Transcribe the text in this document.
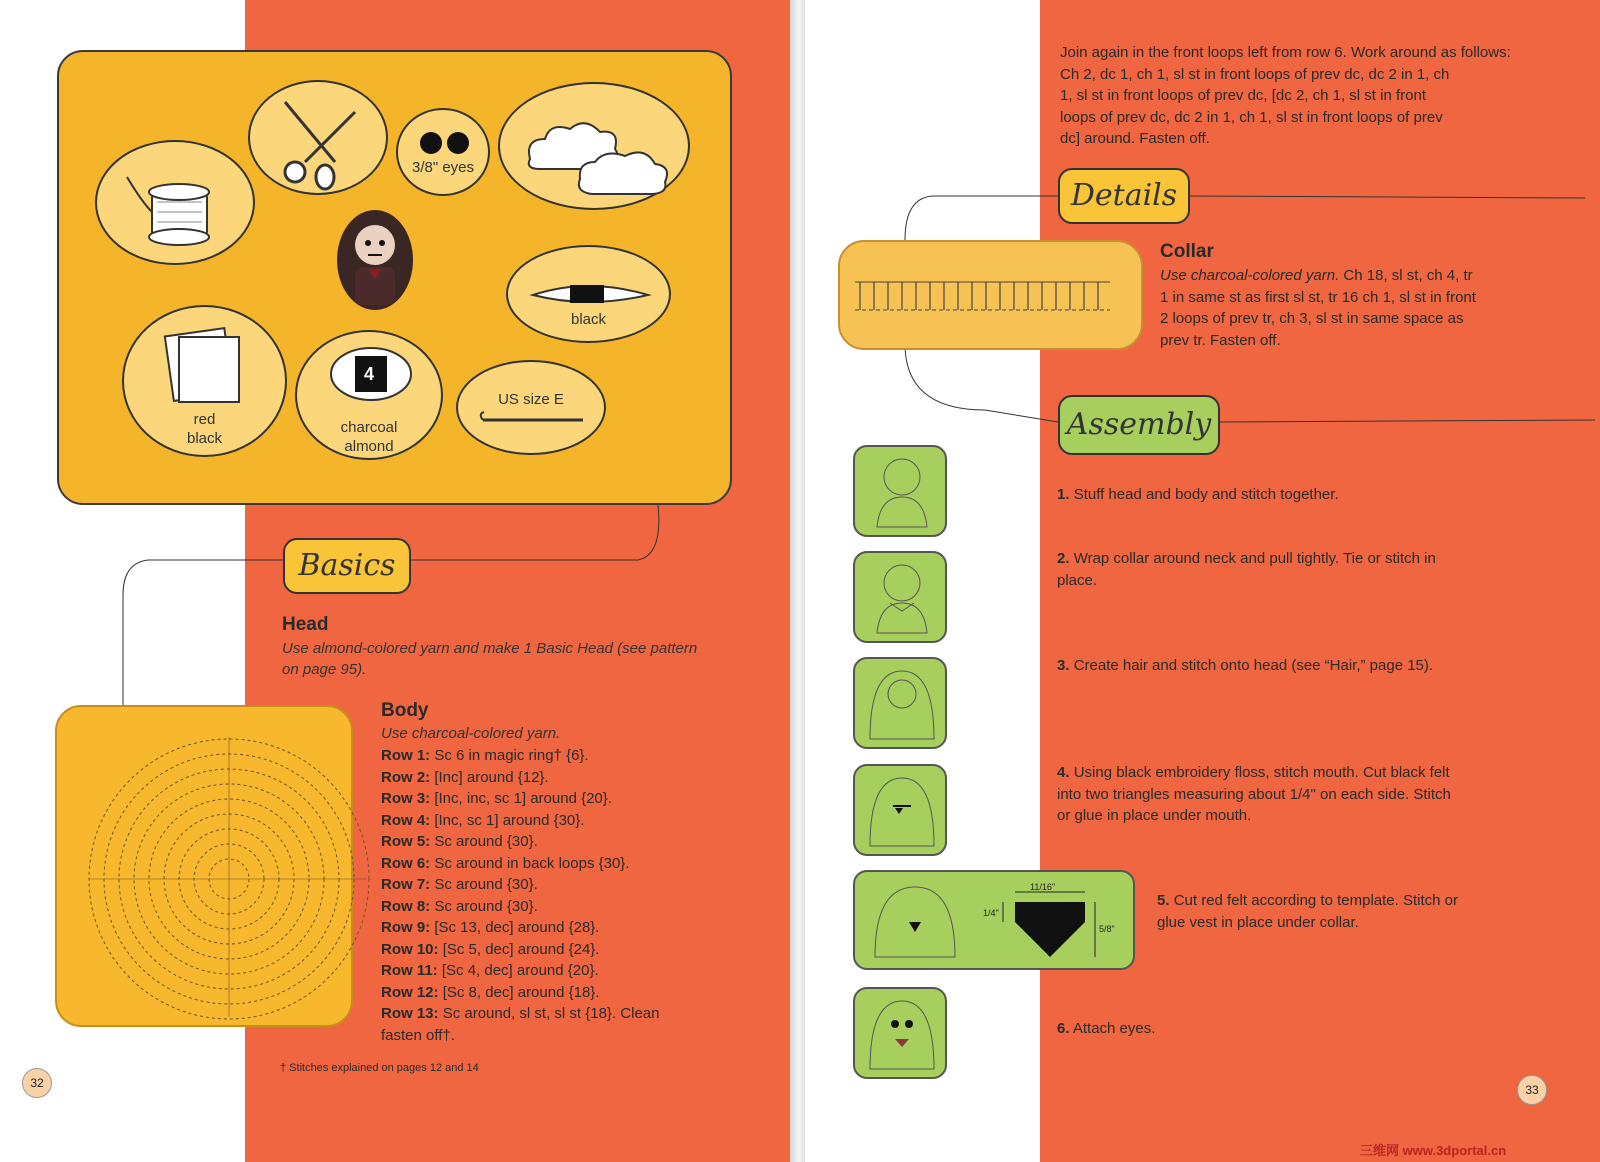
3/8" eyes
black
red
black
4
charcoal
almond
US size E
Basics
Head
Use almond-colored yarn and make 1 Basic Head (see pattern
on page 95).
Body
Use charcoal-colored yarn.
Row 1: Sc 6 in magic ring† {6}.
Row 2: [Inc] around {12}.
Row 3: [Inc, inc, sc 1] around {20}.
Row 4: [Inc, sc 1] around {30}.
Row 5: Sc around {30}.
Row 6: Sc around in back loops {30}.
Row 7: Sc around {30}.
Row 8: Sc around {30}.
Row 9: [Sc 13, dec] around {28}.
Row 10: [Sc 5, dec] around {24}.
Row 11: [Sc 4, dec] around {20}.
Row 12: [Sc 8, dec] around {18}.
Row 13: Sc around, sl st, sl st {18}. Clean
fasten off†.
† Stitches explained on pages 12 and 14
32
Join again in the front loops left from row 6. Work around as follows:
Ch 2, dc 1, ch 1, sl st in front loops of prev dc, dc 2 in 1, ch
1, sl st in front loops of prev dc, [dc 2, ch 1, sl st in front
loops of prev dc, dc 2 in 1, ch 1, sl st in front loops of prev
dc] around. Fasten off.
Details
Collar
Use charcoal-colored yarn. Ch 18, sl st, ch 4, tr
1 in same st as first sl st, tr 16 ch 1, sl st in front
2 loops of prev tr, ch 3, sl st in same space as
prev tr. Fasten off.
Assembly
11/16"
1/4"
5/8"
1. Stuff head and body and stitch together.
2. Wrap collar around neck and pull tightly. Tie or stitch in
place.
3. Create hair and stitch onto head (see “Hair,” page 15).
4. Using black embroidery floss, stitch mouth. Cut black felt
into two triangles measuring about 1/4" on each side. Stitch
or glue in place under mouth.
5. Cut red felt according to template. Stitch or
glue vest in place under collar.
6. Attach eyes.
33
三维网 www.3dportal.cn
